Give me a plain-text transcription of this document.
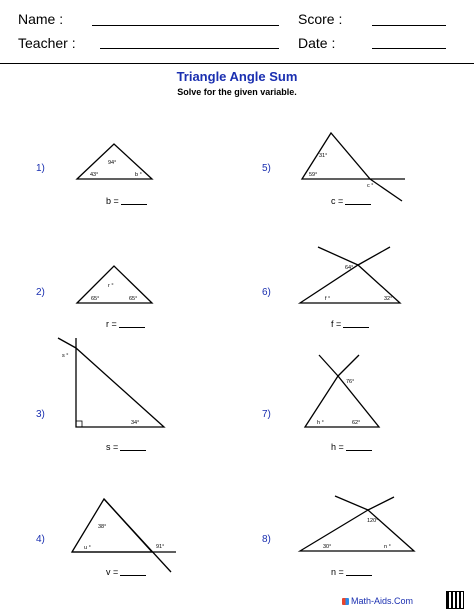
Name :	Score :
Teacher :	Date :
Triangle Angle Sum
Solve for the given variable.
1)
2)
3)
4)
5)
6)
7)
8)
b =
r =
s =
v =
c =
f =
h =
n =
94°
43°	b °
r °
65°	65°
s °
34°
38°
u °	91°
31°
59°
c °
64°
f °	32°
76°
h °	62°
120°
30°	n °
Math-Aids.Com
